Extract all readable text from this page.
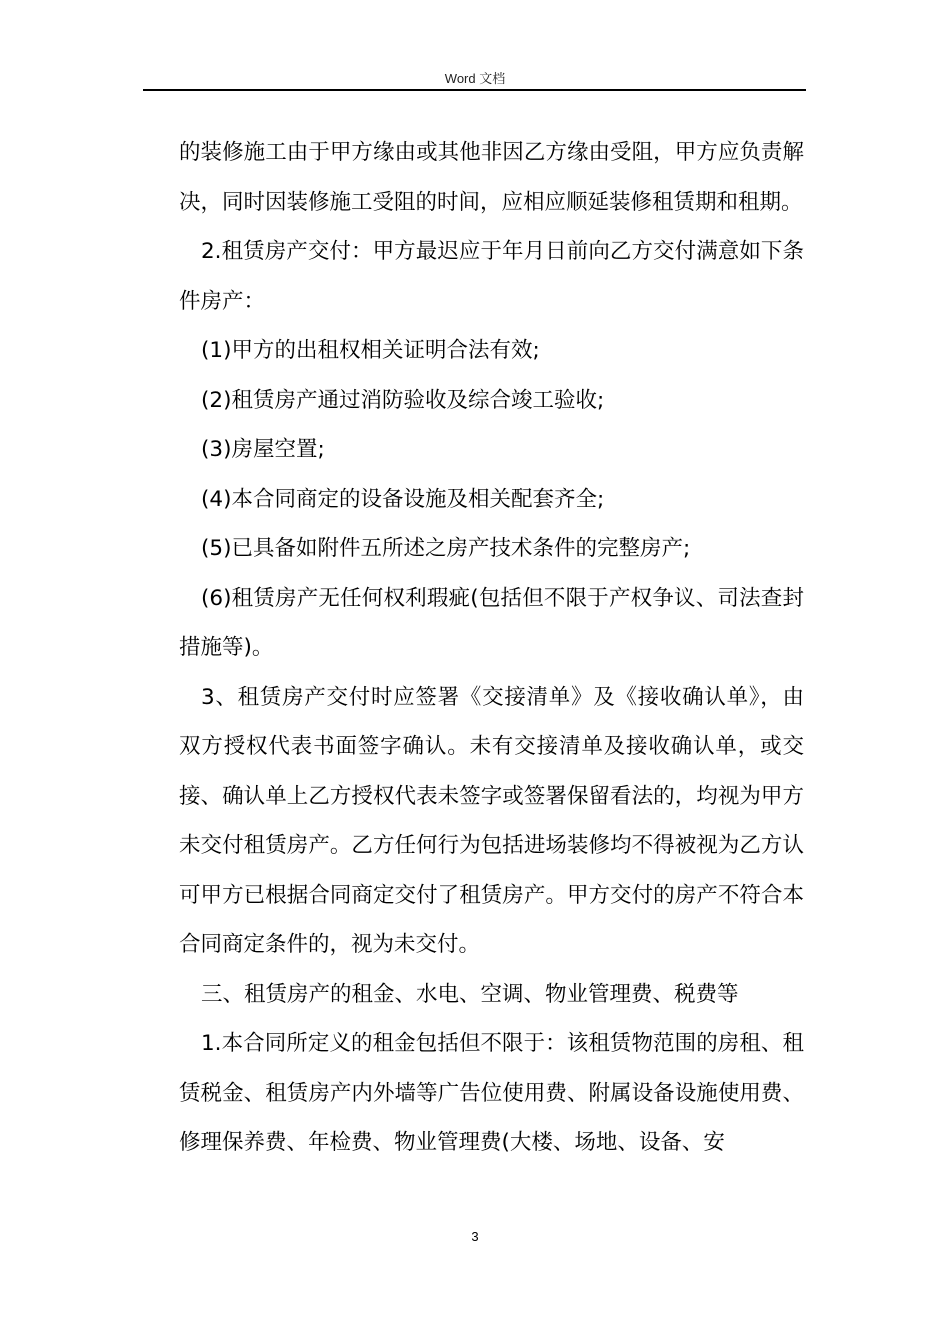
Word 文档

的装修施工由于甲方缘由或其他非因乙方缘由受阻，甲方应负责解决，同时因装修施工受阻的时间，应相应顺延装修租赁期和租期。

2.租赁房产交付：甲方最迟应于年月日前向乙方交付满意如下条件房产：

(1)甲方的出租权相关证明合法有效;

(2)租赁房产通过消防验收及综合竣工验收;

(3)房屋空置;

(4)本合同商定的设备设施及相关配套齐全;

(5)已具备如附件五所述之房产技术条件的完整房产;

(6)租赁房产无任何权利瑕疵(包括但不限于产权争议、司法查封措施等)。

3、租赁房产交付时应签署《交接清单》及《接收确认单》，由双方授权代表书面签字确认。未有交接清单及接收确认单，或交接、确认单上乙方授权代表未签字或签署保留看法的，均视为甲方未交付租赁房产。乙方任何行为包括进场装修均不得被视为乙方认可甲方已根据合同商定交付了租赁房产。甲方交付的房产不符合本合同商定条件的，视为未交付。

三、租赁房产的租金、水电、空调、物业管理费、税费等

1.本合同所定义的租金包括但不限于：该租赁物范围的房租、租赁税金、租赁房产内外墙等广告位使用费、附属设备设施使用费、修理保养费、年检费、物业管理费(大楼、场地、设备、安

3
